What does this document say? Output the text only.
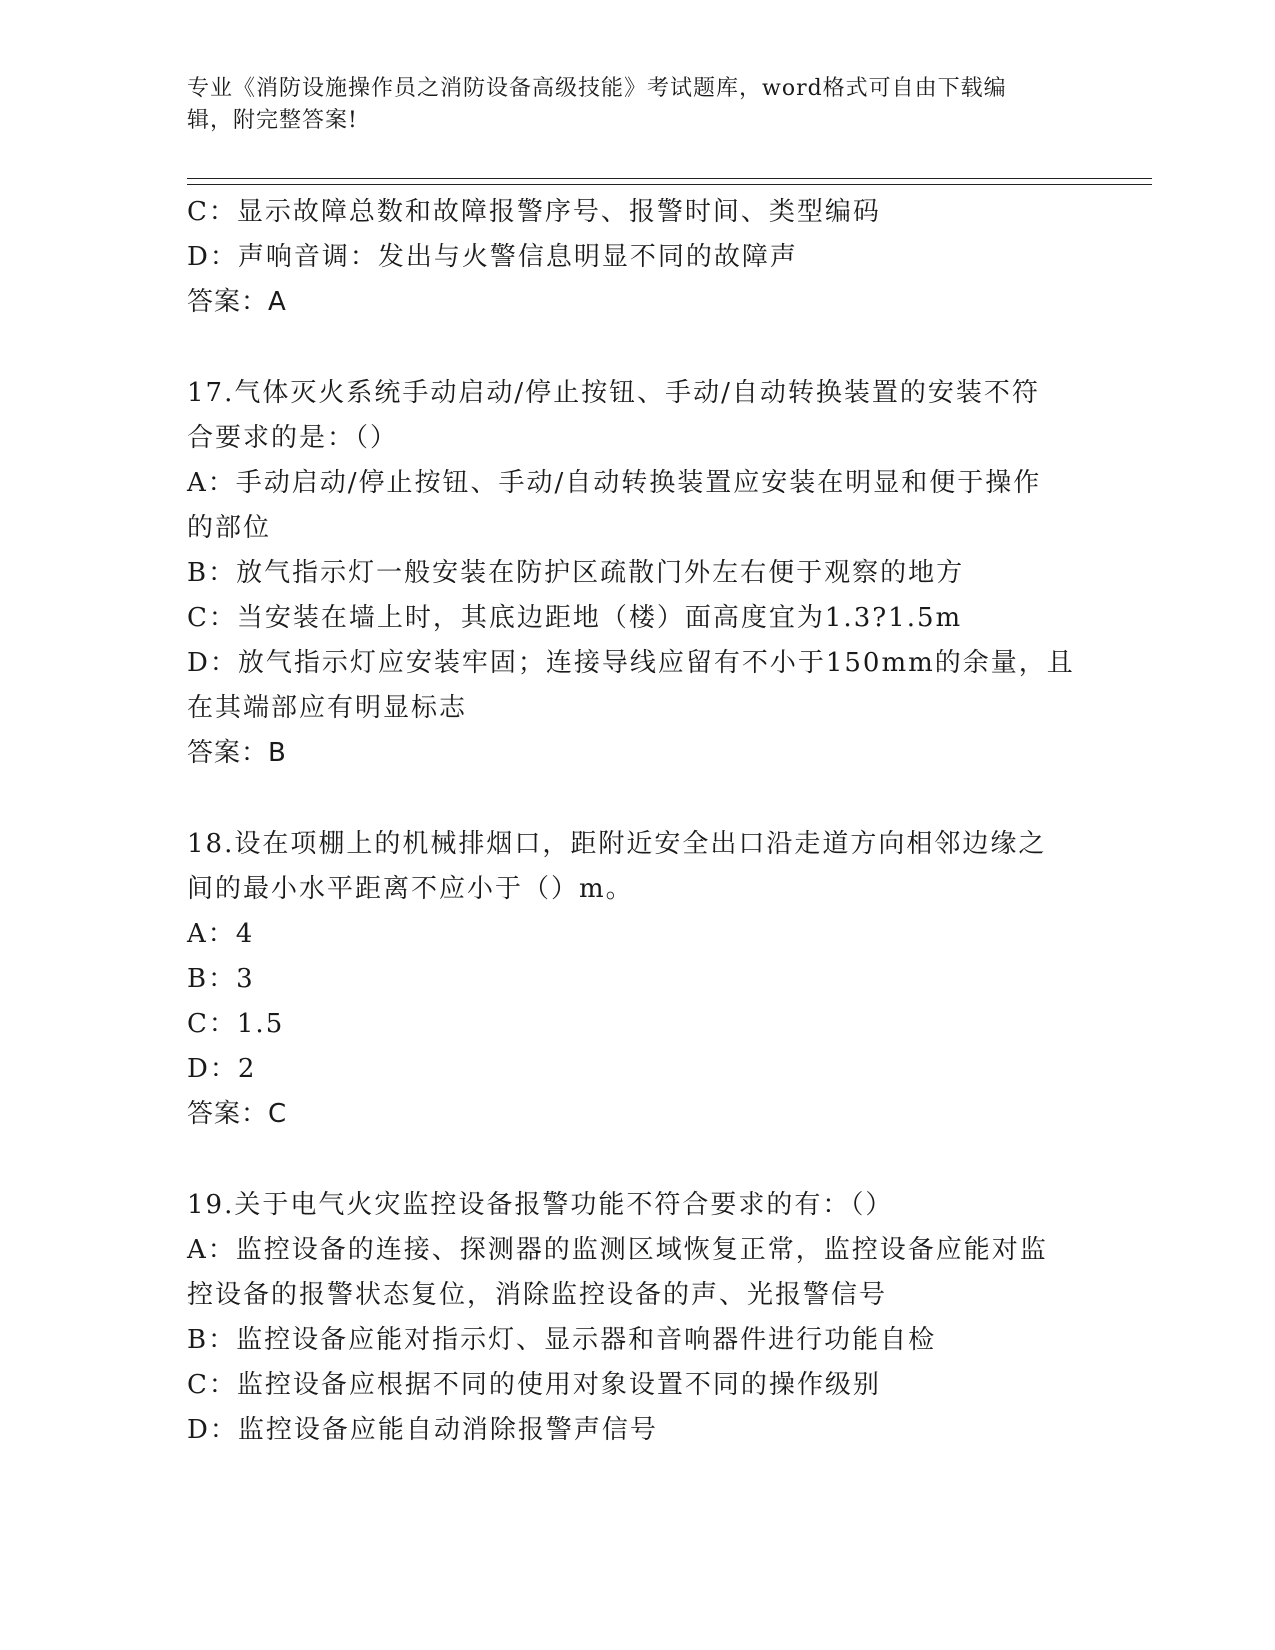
专业《消防设施操作员之消防设备高级技能》考试题库，word格式可自由下载编
辑，附完整答案!
C：显示故障总数和故障报警序号、报警时间、类型编码
D：声响音调：发出与火警信息明显不同的故障声
答案：A
17.气体灭火系统手动启动/停止按钮、手动/自动转换装置的安装不符
合要求的是：（）
A：手动启动/停止按钮、手动/自动转换装置应安装在明显和便于操作
的部位
B：放气指示灯一般安装在防护区疏散门外左右便于观察的地方
C：当安装在墙上时，其底边距地（楼）面高度宜为1.3?1.5m
D：放气指示灯应安装牢固；连接导线应留有不小于150mm的余量，且
在其端部应有明显标志
答案：B
18.设在项棚上的机械排烟口，距附近安全出口沿走道方向相邻边缘之
间的最小水平距离不应小于（）m。
A：4
B：3
C：1.5
D：2
答案：C
19.关于电气火灾监控设备报警功能不符合要求的有：（）
A：监控设备的连接、探测器的监测区域恢复正常，监控设备应能对监
控设备的报警状态复位，消除监控设备的声、光报警信号
B：监控设备应能对指示灯、显示器和音响器件进行功能自检
C：监控设备应根据不同的使用对象设置不同的操作级别
D：监控设备应能自动消除报警声信号
